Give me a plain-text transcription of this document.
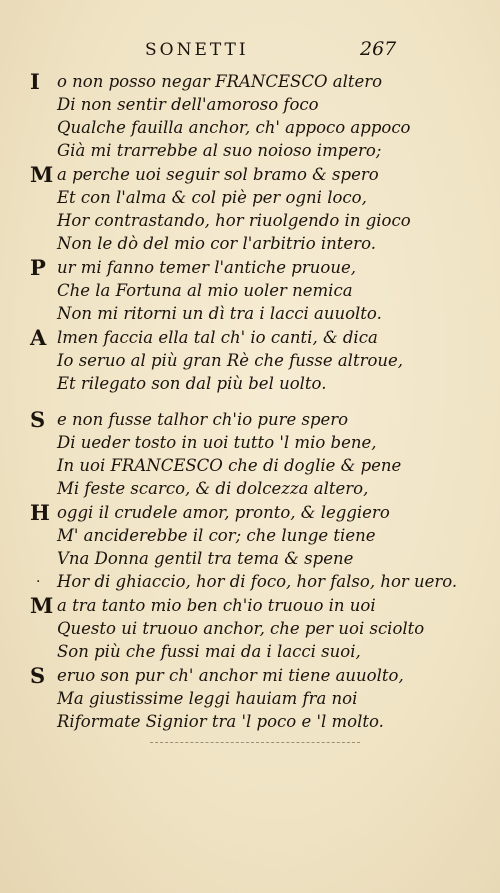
SONETTI	267
I o non posso negar FRANCESCO altero
Di non sentir dell'amoroso foco
Qualche fauilla anchor, ch' appoco appoco
Già mi trarrebbe al suo noioso impero;
M a perche uoi seguir sol bramo & spero
Et con l'alma & col piè per ogni loco,
Hor contrastando, hor riuolgendo in gioco
Non le dò del mio cor l'arbitrio intero.
P ur mi fanno temer l'antiche pruoue,
Che la Fortuna al mio uoler nemica
Non mi ritorni un dì tra i lacci auuolto.
A lmen faccia ella tal ch' io canti, & dica
Io seruo al più gran Rè che fusse altroue,
Et rilegato son dal più bel uolto.
S e non fusse talhor ch'io pure spero
Di ueder tosto in uoi tutto 'l mio bene,
In uoi FRANCESCO che di doglie & pene
Mi feste scarco, & di dolcezza altero,
H oggi il crudele amor, pronto, & leggiero
M' anciderebbe il cor; che lunge tiene
Vna Donna gentil tra tema & spene
· Hor di ghiaccio, hor di foco, hor falso, hor uero.
M a tra tanto mio ben ch'io truouo in uoi
Questo ui truouo anchor, che per uoi sciolto
Son più che fussi mai da i lacci suoi,
S eruo son pur ch' anchor mi tiene auuolto,
Ma giustissime leggi hauiam fra noi
Riformate Signior tra 'l poco e 'l molto.
